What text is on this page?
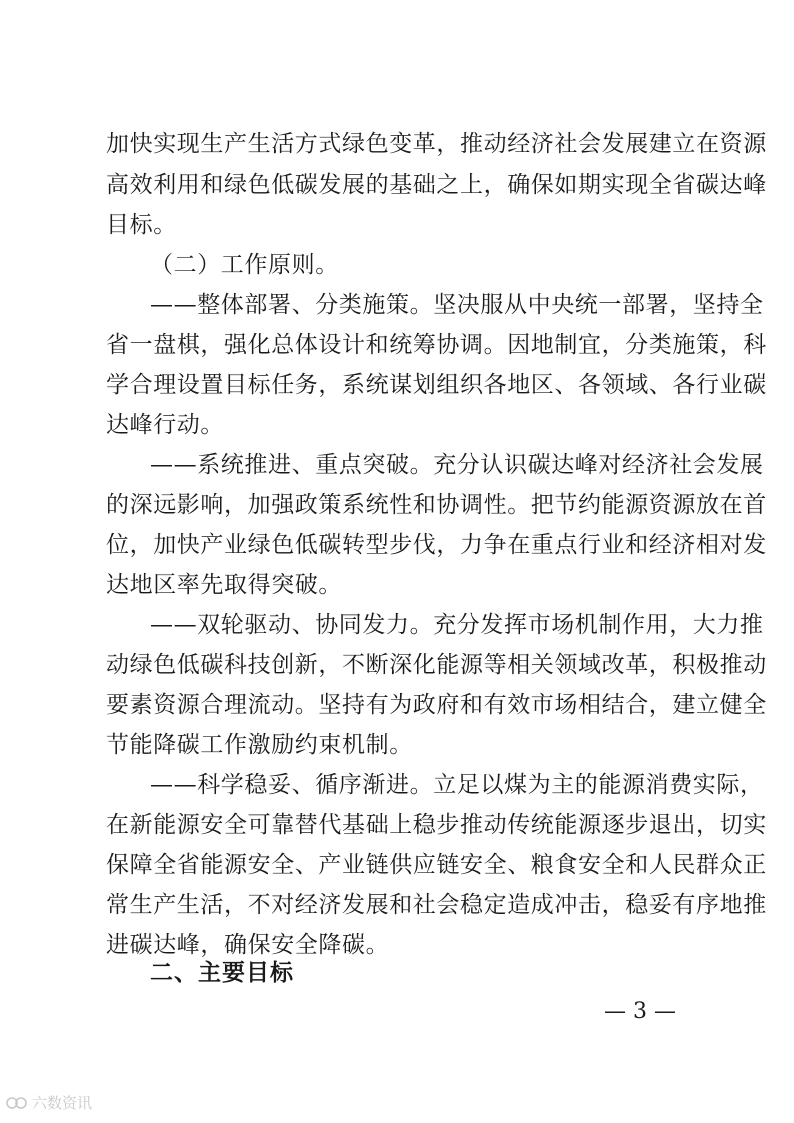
加快实现生产生活方式绿色变革，推动经济社会发展建立在资源
高效利用和绿色低碳发展的基础之上，确保如期实现全省碳达峰
目标。
（二）工作原则。
——整体部署、分类施策。坚决服从中央统一部署，坚持全
省一盘棋，强化总体设计和统筹协调。因地制宜，分类施策，科
学合理设置目标任务，系统谋划组织各地区、各领域、各行业碳
达峰行动。
——系统推进、重点突破。充分认识碳达峰对经济社会发展
的深远影响，加强政策系统性和协调性。把节约能源资源放在首
位，加快产业绿色低碳转型步伐，力争在重点行业和经济相对发
达地区率先取得突破。
——双轮驱动、协同发力。充分发挥市场机制作用，大力推
动绿色低碳科技创新，不断深化能源等相关领域改革，积极推动
要素资源合理流动。坚持有为政府和有效市场相结合，建立健全
节能降碳工作激励约束机制。
——科学稳妥、循序渐进。立足以煤为主的能源消费实际，
在新能源安全可靠替代基础上稳步推动传统能源逐步退出，切实
保障全省能源安全、产业链供应链安全、粮食安全和人民群众正
常生产生活，不对经济发展和社会稳定造成冲击，稳妥有序地推
进碳达峰，确保安全降碳。
二、主要目标
— 3 —
六数资讯
